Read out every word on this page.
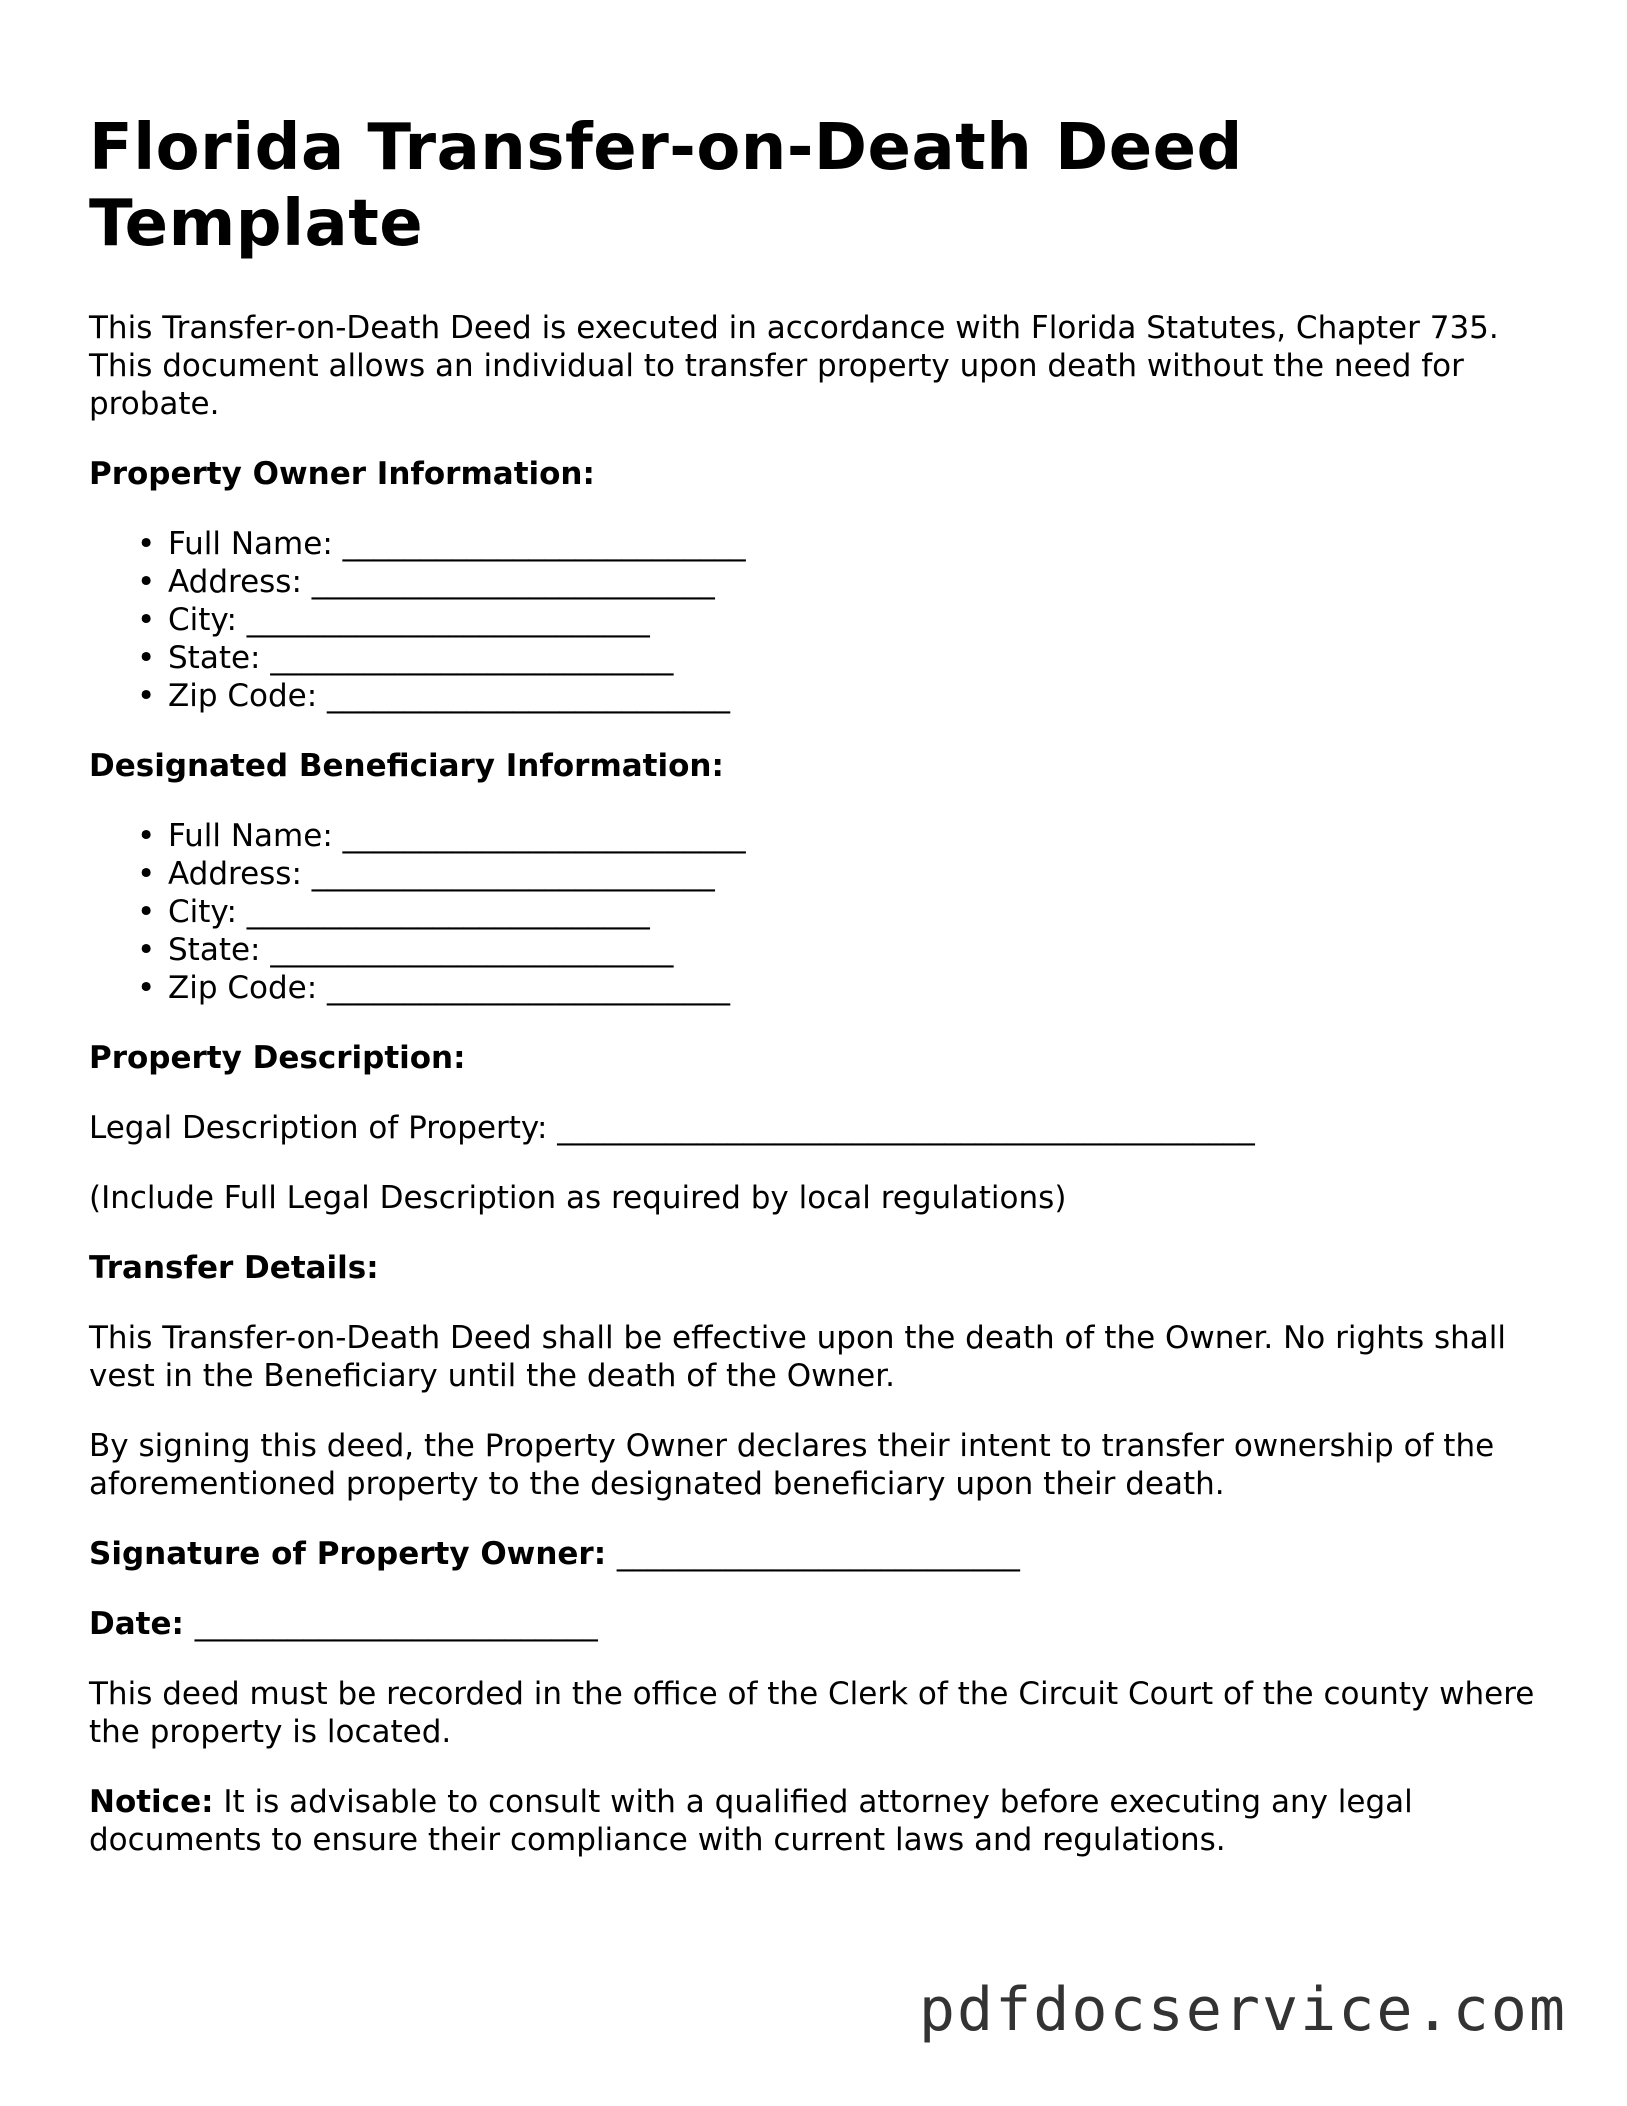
Florida Transfer-on-Death Deed Template

This Transfer-on-Death Deed is executed in accordance with Florida Statutes, Chapter 735. This document allows an individual to transfer property upon death without the need for probate.

Property Owner Information:
• Full Name: __________________________
• Address: __________________________
• City: __________________________
• State: __________________________
• Zip Code: __________________________
Designated Beneficiary Information:
• Full Name: __________________________
• Address: __________________________
• City: __________________________
• State: __________________________
• Zip Code: __________________________
Property Description:

Legal Description of Property: _____________________________________________

(Include Full Legal Description as required by local regulations)

Transfer Details:

This Transfer-on-Death Deed shall be effective upon the death of the Owner. No rights shall vest in the Beneficiary until the death of the Owner.

By signing this deed, the Property Owner declares their intent to transfer ownership of the aforementioned property to the designated beneficiary upon their death.

Signature of Property Owner: __________________________
Date: __________________________

This deed must be recorded in the office of the Clerk of the Circuit Court of the county where the property is located.

Notice: It is advisable to consult with a qualified attorney before executing any legal documents to ensure their compliance with current laws and regulations.

pdfdocservice.com
